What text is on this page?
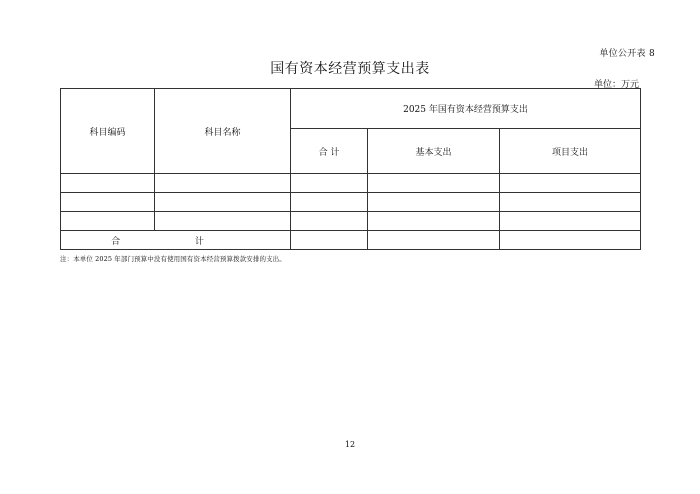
单位公开表 8
国有资本经营预算支出表
单位：万元
科目编码	科目名称	2025 年国有资本经营预算支出		
		合 计	基本支出	项目支出

合 计				
注：本单位 2025 年部门预算中没有使用国有资本经营预算拨款安排的支出。
12
